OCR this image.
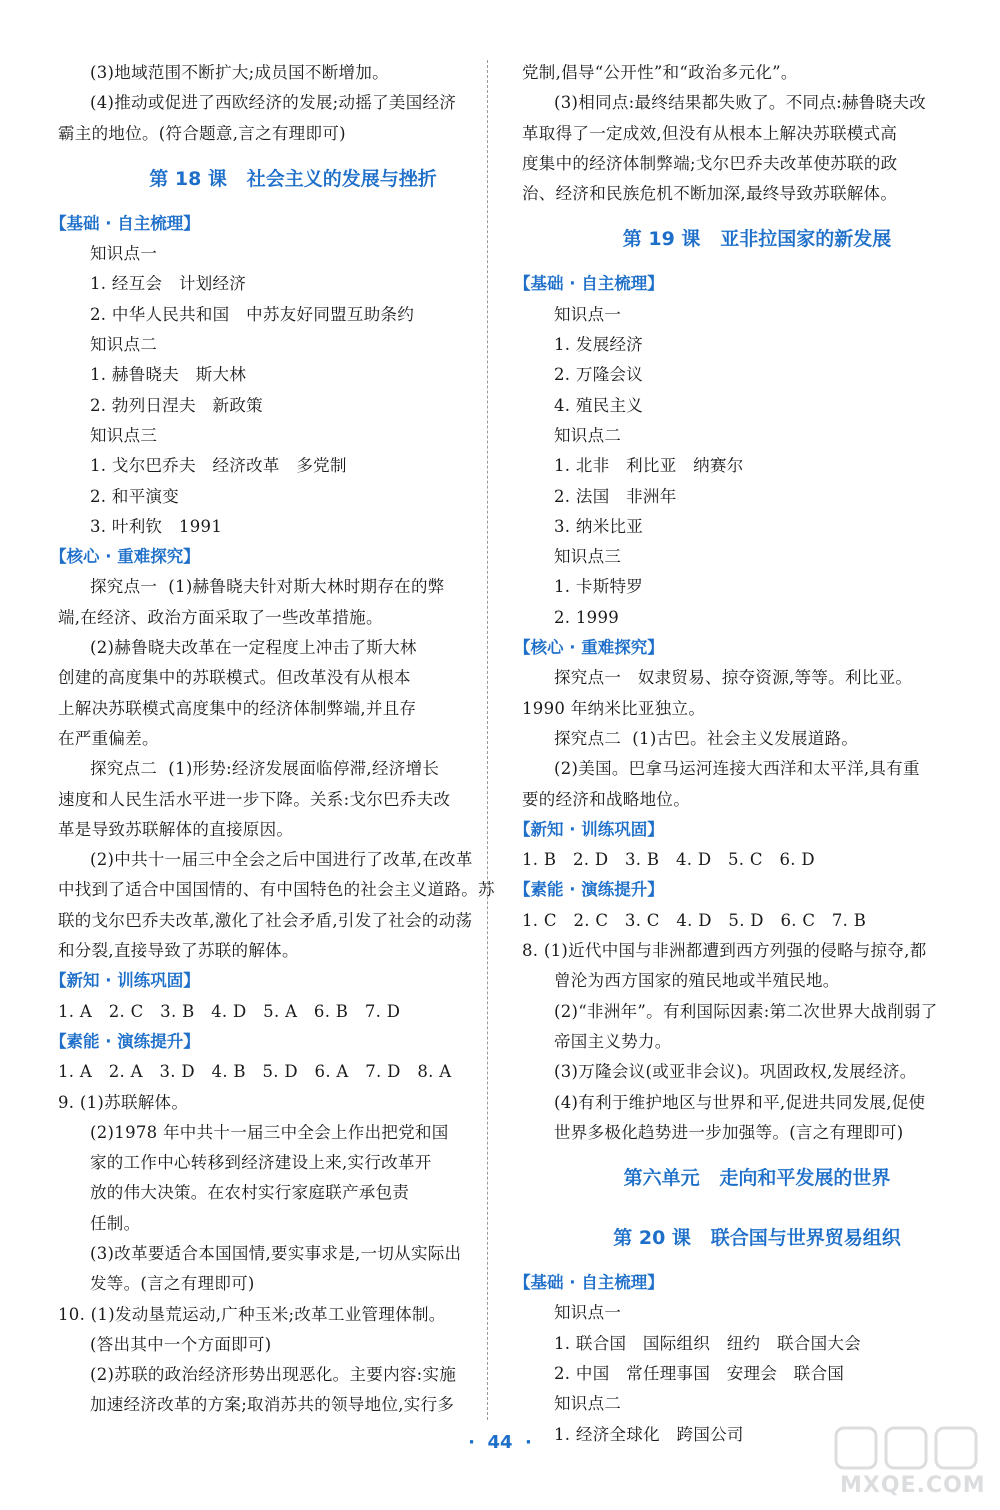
(3)地域范围不断扩大;成员国不断增加。
(4)推动或促进了西欧经济的发展;动摇了美国经济
霸主的地位。(符合题意,言之有理即可)
第 18 课   社会主义的发展与挫折
【基础 · 自主梳理】
知识点一
1. 经互会   计划经济
2. 中华人民共和国   中苏友好同盟互助条约
知识点二
1. 赫鲁晓夫   斯大林
2. 勃列日涅夫   新政策
知识点三
1. 戈尔巴乔夫   经济改革   多党制
2. 和平演变
3. 叶利钦   1991
【核心 · 重难探究】
探究点一  (1)赫鲁晓夫针对斯大林时期存在的弊
端,在经济、政治方面采取了一些改革措施。
(2)赫鲁晓夫改革在一定程度上冲击了斯大林
创建的高度集中的苏联模式。但改革没有从根本
上解决苏联模式高度集中的经济体制弊端,并且存
在严重偏差。
探究点二  (1)形势:经济发展面临停滞,经济增长
速度和人民生活水平进一步下降。关系:戈尔巴乔夫改
革是导致苏联解体的直接原因。
(2)中共十一届三中全会之后中国进行了改革,在改革
中找到了适合中国国情的、有中国特色的社会主义道路。苏
联的戈尔巴乔夫改革,激化了社会矛盾,引发了社会的动荡
和分裂,直接导致了苏联的解体。
【新知 · 训练巩固】
1. A   2. C   3. B   4. D   5. A   6. B   7. D
【素能 · 演练提升】
1. A   2. A   3. D   4. B   5. D   6. A   7. D   8. A
9. (1)苏联解体。
(2)1978 年中共十一届三中全会上作出把党和国
家的工作中心转移到经济建设上来,实行改革开
放的伟大决策。在农村实行家庭联产承包责
任制。
(3)改革要适合本国国情,要实事求是,一切从实际出
发等。(言之有理即可)
10. (1)发动垦荒运动,广种玉米;改革工业管理体制。
(答出其中一个方面即可)
(2)苏联的政治经济形势出现恶化。主要内容:实施
加速经济改革的方案;取消苏共的领导地位,实行多
党制,倡导“公开性”和“政治多元化”。
(3)相同点:最终结果都失败了。不同点:赫鲁晓夫改
革取得了一定成效,但没有从根本上解决苏联模式高
度集中的经济体制弊端;戈尔巴乔夫改革使苏联的政
治、经济和民族危机不断加深,最终导致苏联解体。
第 19 课   亚非拉国家的新发展
【基础 · 自主梳理】
知识点一
1. 发展经济
2. 万隆会议
4. 殖民主义
知识点二
1. 北非   利比亚   纳赛尔
2. 法国   非洲年
3. 纳米比亚
知识点三
1. 卡斯特罗
2. 1999
【核心 · 重难探究】
探究点一   奴隶贸易、掠夺资源,等等。利比亚。
1990 年纳米比亚独立。
探究点二  (1)古巴。社会主义发展道路。
(2)美国。巴拿马运河连接大西洋和太平洋,具有重
要的经济和战略地位。
【新知 · 训练巩固】
1. B   2. D   3. B   4. D   5. C   6. D
【素能 · 演练提升】
1. C   2. C   3. C   4. D   5. D   6. C   7. B
8. (1)近代中国与非洲都遭到西方列强的侵略与掠夺,都
曾沦为西方国家的殖民地或半殖民地。
(2)“非洲年”。有利国际因素:第二次世界大战削弱了
帝国主义势力。
(3)万隆会议(或亚非会议)。巩固政权,发展经济。
(4)有利于维护地区与世界和平,促进共同发展,促使
世界多极化趋势进一步加强等。(言之有理即可)
第六单元   走向和平发展的世界
第 20 课   联合国与世界贸易组织
【基础 · 自主梳理】
知识点一
1. 联合国   国际组织   纽约   联合国大会
2. 中国   常任理事国   安理会   联合国
知识点二
1. 经济全球化   跨国公司
·  44  ·
MXQE.COM
